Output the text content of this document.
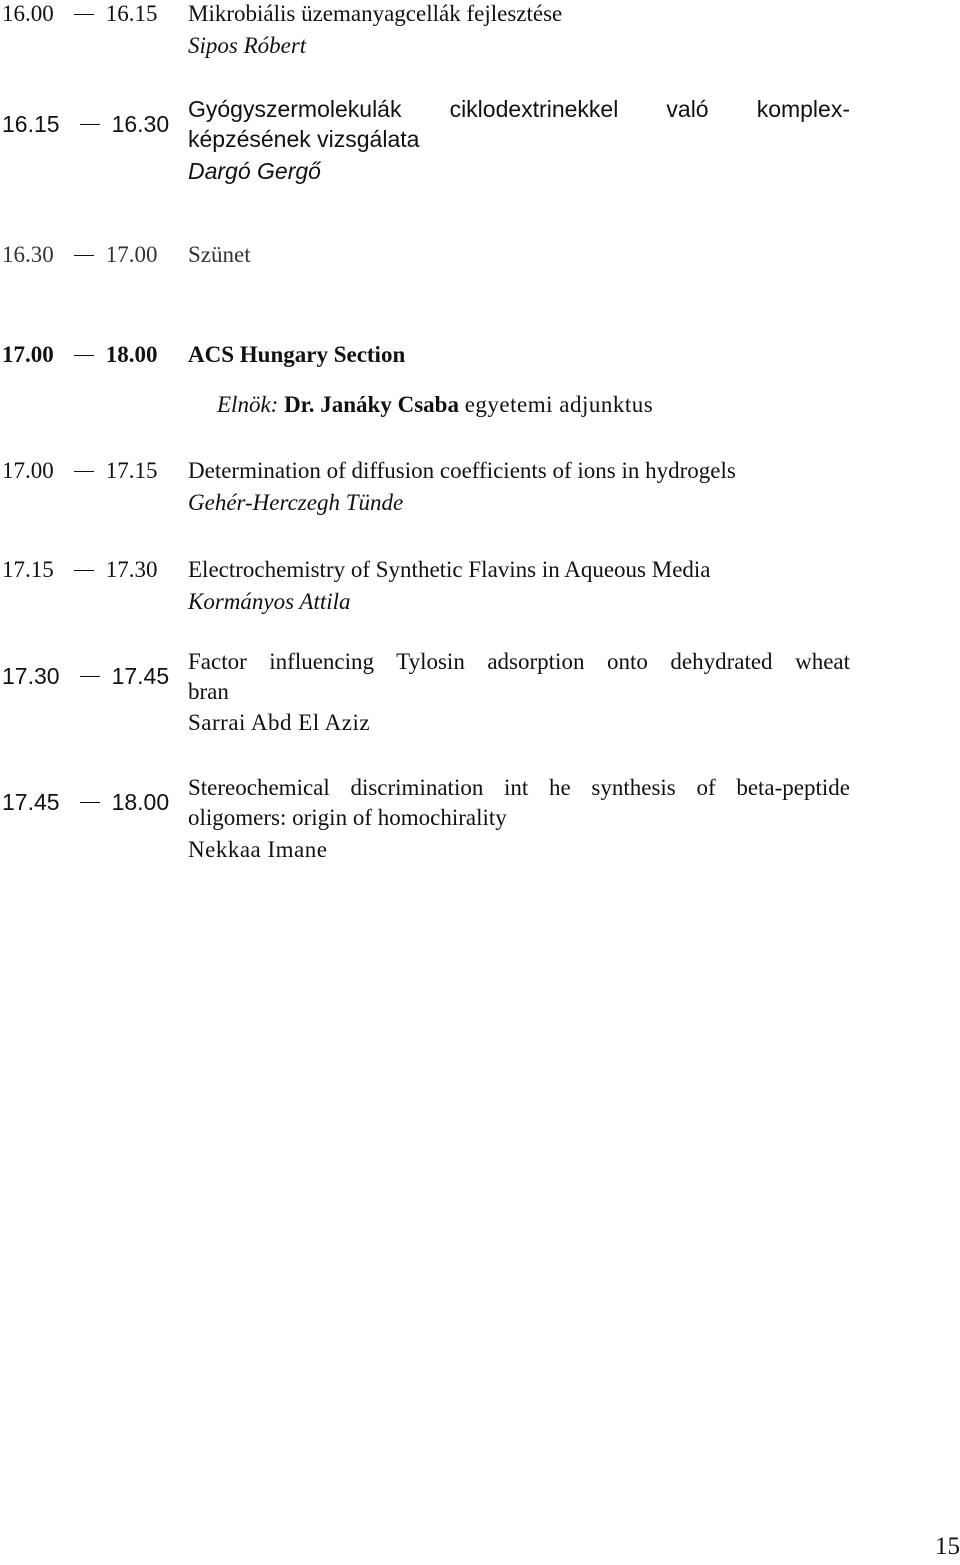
16.00 16.15 Mikrobiális üzemanyagcellák fejlesztése
Sipos Róbert
16.15 16.30
Gyógyszermolekulák ciklodextrinekkel való komplex-
képzésének vizsgálata
Dargó Gergő
16.30 17.00 Szünet
17.00 18.00 ACS Hungary Section
Elnök: Dr. Janáky Csaba egyetemi adjunktus
17.00 17.15 Determination of diffusion coefficients of ions in hydrogels
Gehér-Herczegh Tünde
17.15 17.30 Electrochemistry of Synthetic Flavins in Aqueous Media
Kormányos Attila
17.30 17.45
Factor influencing Tylosin adsorption onto dehydrated wheat
bran
Sarrai Abd El Aziz
17.45 18.00
Stereochemical discrimination int he synthesis of beta-peptide
oligomers: origin of homochirality
Nekkaa Imane
15
